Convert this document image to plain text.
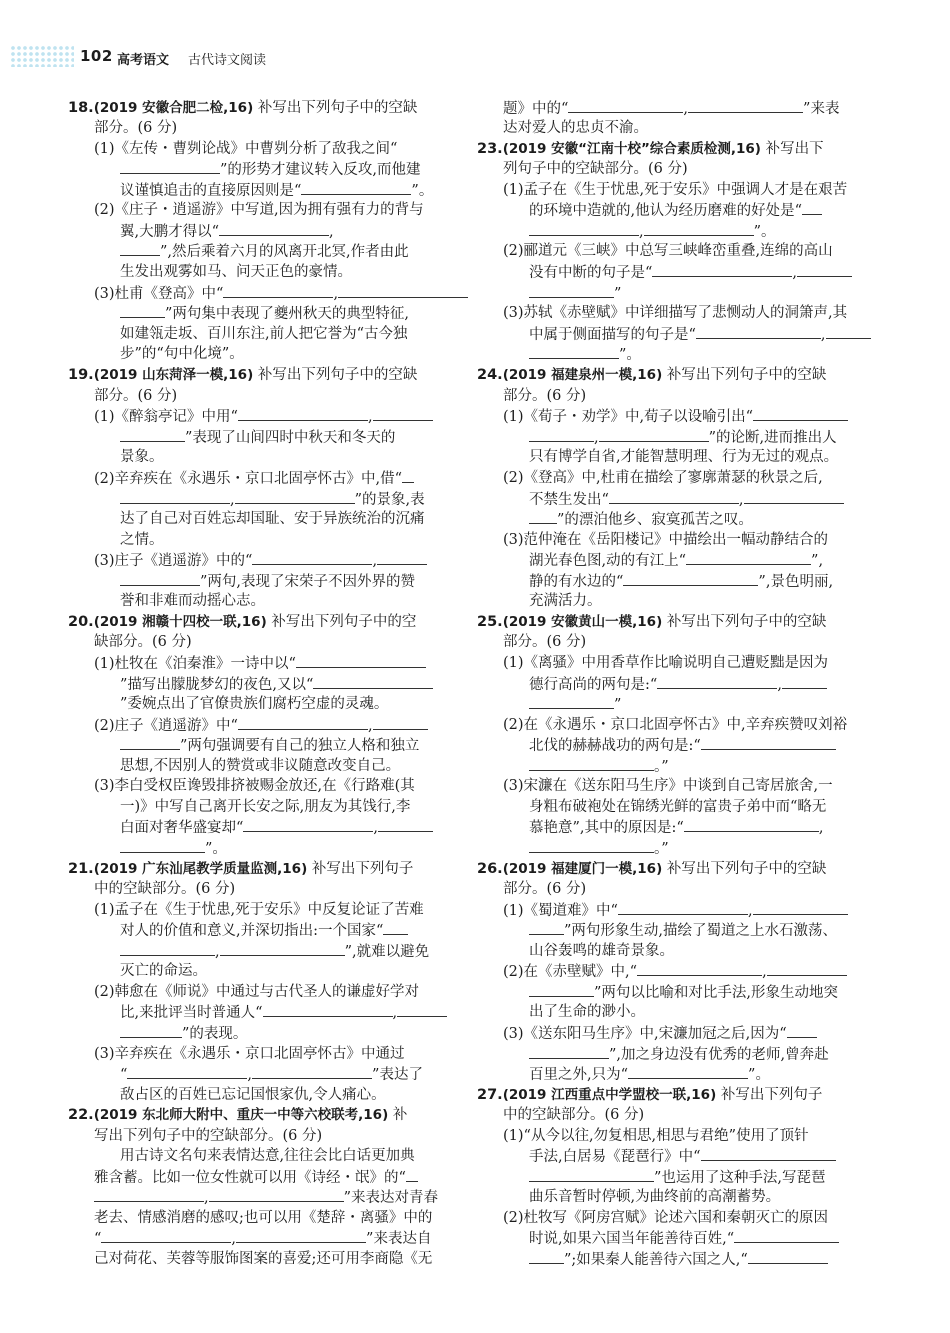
102 高考语文 古代诗文阅读
18.(2019 安徽合肥二检,16) 补写出下列句子中的空缺
部分。(6 分)
(1)《左传・曹刿论战》中曹刿分析了敌我之间“
”的形势才建议转入反攻,而他建
议谨慎追击的直接原因则是“	”。
(2)《庄子・逍遥游》中写道,因为拥有强有力的背与
翼,大鹏才得以“	,
”,然后乘着六月的风离开北冥,作者由此
生发出观雾如马、问天正色的豪情。
(3)杜甫《登高》中“	,
”两句集中表现了夔州秋天的典型特征,
如建瓴走坂、百川东注,前人把它誉为“古今独
步”的“句中化境”。
19.(2019 山东菏泽一模,16) 补写出下列句子中的空缺
部分。(6 分)
(1)《醉翁亭记》中用“	,
”表现了山间四时中秋天和冬天的
景象。
(2)辛弃疾在《永遇乐・京口北固亭怀古》中,借“
,	”的景象,表
达了自己对百姓忘却国耻、安于异族统治的沉痛
之情。
(3)庄子《逍遥游》中的“	,
”两句,表现了宋荣子不因外界的赞
誉和非难而动摇心志。
20.(2019 湘赣十四校一联,16) 补写出下列句子中的空
缺部分。(6 分)
(1)杜牧在《泊秦淮》一诗中以“
”描写出朦胧梦幻的夜色,又以“
”委婉点出了官僚贵族们腐朽空虚的灵魂。
(2)庄子《逍遥游》中“	,
”两句强调要有自己的独立人格和独立
思想,不因别人的赞赏或非议随意改变自己。
(3)李白受权臣谗毁排挤被赐金放还,在《行路难(其
一)》中写自己离开长安之际,朋友为其饯行,李
白面对奢华盛宴却“	,
”。
21.(2019 广东汕尾教学质量监测,16) 补写出下列句子
中的空缺部分。(6 分)
(1)孟子在《生于忧患,死于安乐》中反复论证了苦难
对人的价值和意义,并深切指出:一个国家“
,	”,就难以避免
灭亡的命运。
(2)韩愈在《师说》中通过与古代圣人的谦虚好学对
比,来批评当时普通人“	,
”的表现。
(3)辛弃疾在《永遇乐・京口北固亭怀古》中通过
“	,	”表达了
敌占区的百姓已忘记国恨家仇,令人痛心。
22.(2019 东北师大附中、重庆一中等六校联考,16) 补
写出下列句子中的空缺部分。(6 分)
用古诗文名句来表情达意,往往会比白话更加典
雅含蓄。比如一位女性就可以用《诗经・氓》的“
,	”来表达对青春
老去、情感消磨的感叹;也可以用《楚辞・离骚》中的
“	,	”来表达自
己对荷花、芙蓉等服饰图案的喜爱;还可用李商隐《无
题》中的“	,	”来表
达对爱人的忠贞不渝。
23.(2019 安徽“江南十校”综合素质检测,16) 补写出下
列句子中的空缺部分。(6 分)
(1)孟子在《生于忧患,死于安乐》中强调人才是在艰苦
的环境中造就的,他认为经历磨难的好处是“
,	”。
(2)郦道元《三峡》中总写三峡峰峦重叠,连绵的高山
没有中断的句子是“	,
”
(3)苏轼《赤壁赋》中详细描写了悲恻动人的洞箫声,其
中属于侧面描写的句子是“	,
”。
24.(2019 福建泉州一模,16) 补写出下列句子中的空缺
部分。(6 分)
(1)《荀子・劝学》中,荀子以设喻引出“
,	”的论断,进而推出人
只有博学自省,才能智慧明理、行为无过的观点。
(2)《登高》中,杜甫在描绘了寥廓萧瑟的秋景之后,
不禁生发出“	,
”的漂泊他乡、寂寞孤苦之叹。
(3)范仲淹在《岳阳楼记》中描绘出一幅动静结合的
湖光春色图,动的有江上“	”,
静的有水边的“	”,景色明丽,
充满活力。
25.(2019 安徽黄山一模,16) 补写出下列句子中的空缺
部分。(6 分)
(1)《离骚》中用香草作比喻说明自己遭贬黜是因为
德行高尚的两句是:“	,
”
(2)在《永遇乐・京口北固亭怀古》中,辛弃疾赞叹刘裕
北伐的赫赫战功的两句是:“
。”
(3)宋濂在《送东阳马生序》中谈到自己寄居旅舍,一
身粗布破袍处在锦绣光鲜的富贵子弟中而“略无
慕艳意”,其中的原因是:“	,
。”
26.(2019 福建厦门一模,16) 补写出下列句子中的空缺
部分。(6 分)
(1)《蜀道难》中“	,
”两句形象生动,描绘了蜀道之上水石激荡、
山谷轰鸣的雄奇景象。
(2)在《赤壁赋》中,“	,
”两句以比喻和对比手法,形象生动地突
出了生命的渺小。
(3)《送东阳马生序》中,宋濂加冠之后,因为“
”,加之身边没有优秀的老师,曾奔赴
百里之外,只为“	”。
27.(2019 江西重点中学盟校一联,16) 补写出下列句子
中的空缺部分。(6 分)
(1)“从今以往,勿复相思,相思与君绝”使用了顶针
手法,白居易《琵琶行》中“
”也运用了这种手法,写琵琶
曲乐音暂时停顿,为曲终前的高潮蓄势。
(2)杜牧写《阿房宫赋》论述六国和秦朝灭亡的原因
时说,如果六国当年能善待百姓,“
”;如果秦人能善待六国之人,“
